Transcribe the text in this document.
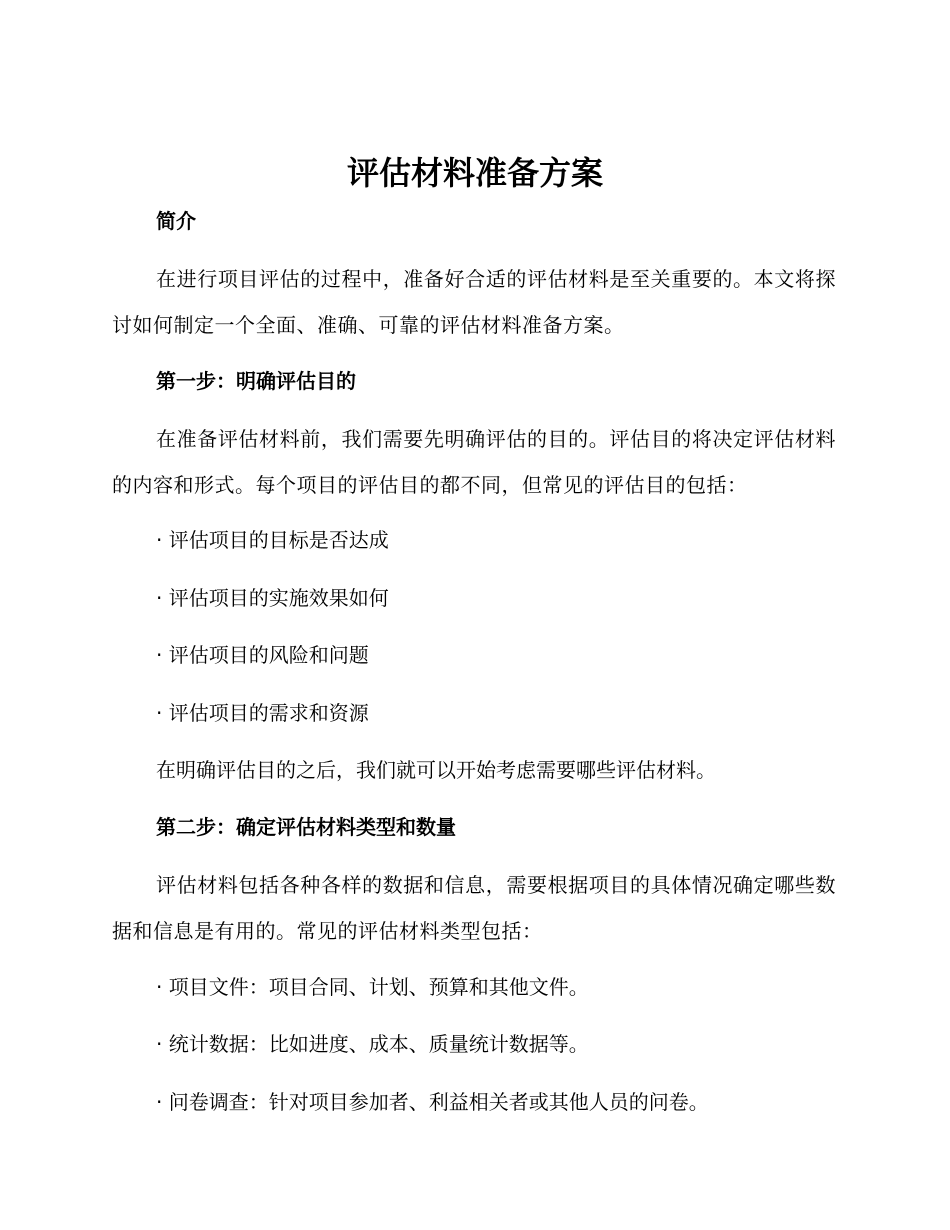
评估材料准备方案

简介

在进行项目评估的过程中，准备好合适的评估材料是至关重要的。本文将探讨如何制定一个全面、准确、可靠的评估材料准备方案。

第一步：明确评估目的

在准备评估材料前，我们需要先明确评估的目的。评估目的将决定评估材料的内容和形式。每个项目的评估目的都不同，但常见的评估目的包括：

· 评估项目的目标是否达成

· 评估项目的实施效果如何

· 评估项目的风险和问题

· 评估项目的需求和资源

在明确评估目的之后，我们就可以开始考虑需要哪些评估材料。

第二步：确定评估材料类型和数量

评估材料包括各种各样的数据和信息，需要根据项目的具体情况确定哪些数据和信息是有用的。常见的评估材料类型包括：

· 项目文件：项目合同、计划、预算和其他文件。

· 统计数据：比如进度、成本、质量统计数据等。

· 问卷调查：针对项目参加者、利益相关者或其他人员的问卷。
